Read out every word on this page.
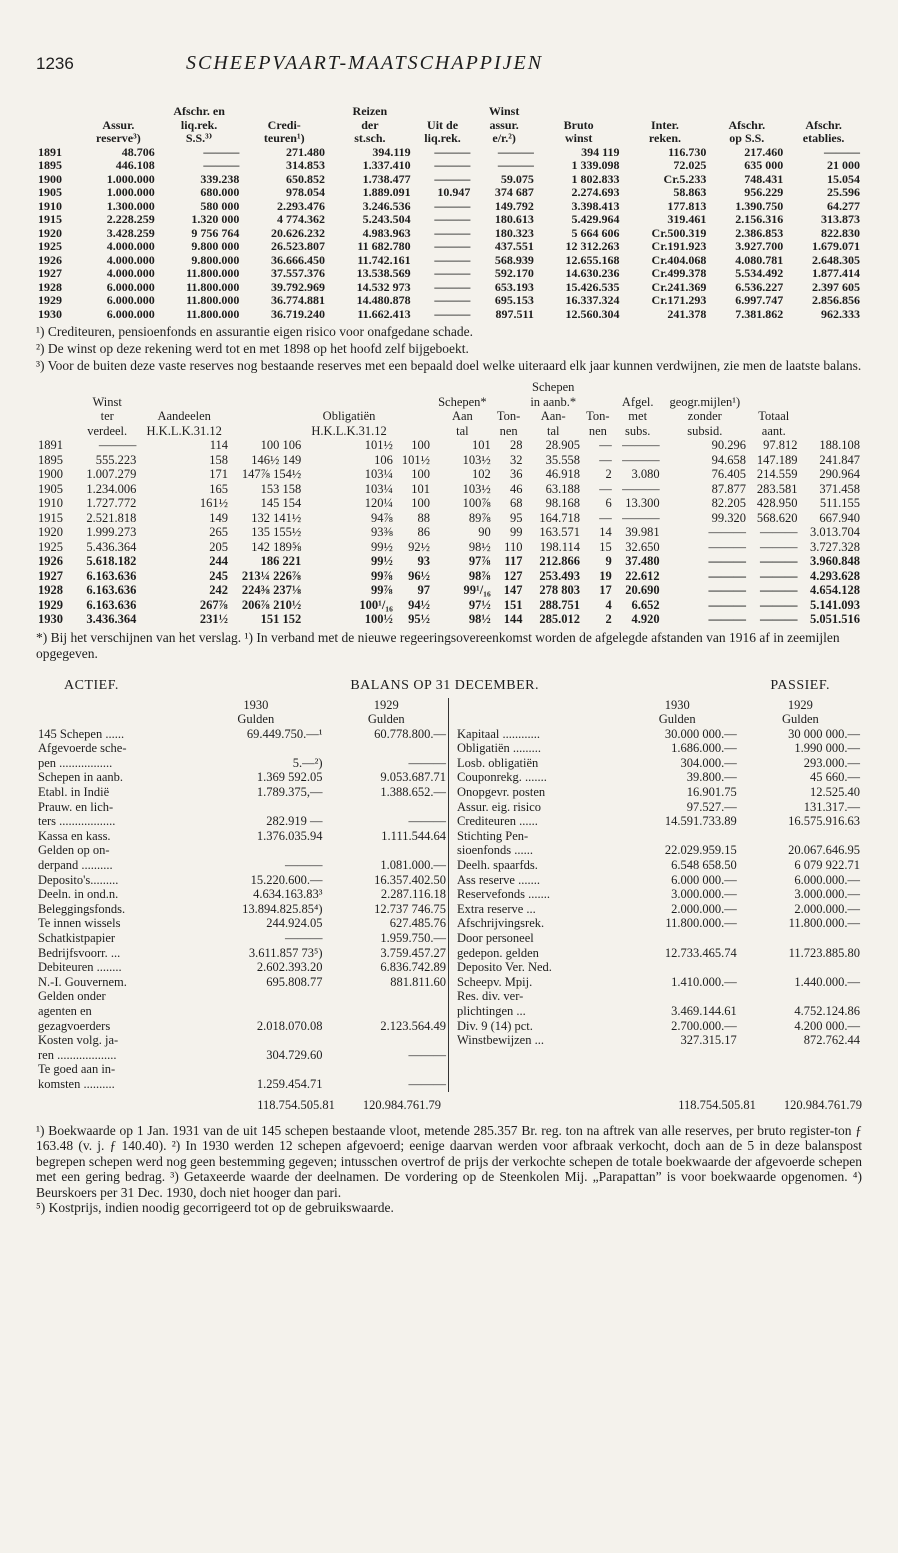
1236	SCHEEPVAART-MAATSCHAPPIJEN
		Afschr. en		Reizen		Winst				
	Assur.	liq.rek.	Credi-	der	Uit de	assur.	Bruto	Inter.	Afschr.	Afschr.
	reserve³)	S.S.³⁾	teuren¹)	st.sch.	liq.rek.	e/r.²)	winst	reken.	op S.S.	etablies.
1891	48.706	———	271.480	394.119	———	———	394 119	116.730	217.460	———
1895	446.108	———	314.853	1.337.410	———	———	1 339.098	72.025	635 000	21 000
1900	1.000.000	339.238	650.852	1.738.477	———	59.075	1 802.833	Cr.5.233	748.431	15.054
1905	1.000.000	680.000	978.054	1.889.091	10.947	374 687	2.274.693	58.863	956.229	25.596
1910	1.300.000	580 000	2.293.476	3.246.536	———	149.792	3.398.413	177.813	1.390.750	64.277
1915	2.228.259	1.320 000	4 774.362	5.243.504	———	180.613	5.429.964	319.461	2.156.316	313.873
1920	3.428.259	9 756 764	20.626.232	4.983.963	———	180.323	5 664 606	Cr.500.319	2.386.853	822.830
1925	4.000.000	9.800 000	26.523.807	11 682.780	———	437.551	12 312.263	Cr.191.923	3.927.700	1.679.071
1926	4.000.000	9.800.000	36.666.450	11.742.161	———	568.939	12.655.168	Cr.404.068	4.080.781	2.648.305
1927	4.000.000	11.800.000	37.557.376	13.538.569	———	592.170	14.630.236	Cr.499.378	5.534.492	1.877.414
1928	6.000.000	11.800.000	39.792.969	14.532 973	———	653.193	15.426.535	Cr.241.369	6.536.227	2.397 605
1929	6.000.000	11.800.000	36.774.881	14.480.878	———	695.153	16.337.324	Cr.171.293	6.997.747	2.856.856
1930	6.000.000	11.800.000	36.719.240	11.662.413	———	897.511	12.560.304	241.378	7.381.862	962.333

¹) Crediteuren, pensioenfonds en assurantie eigen risico voor onafgedane schade.

²) De winst op deze rekening werd tot en met 1898 op het hoofd zelf bijgeboekt.

³) Voor de buiten deze vaste reserves nog bestaande reserves met een bepaald doel welke uiteraard elk jaar kunnen verdwijnen, zie men de laatste balans.

								Schepen					
	Winst					Schepen*		in aanb.*		Afgel.	geogr.mijlen¹)		
	ter	Aandeelen		Obligatiën		Aan	Ton-	Aan-	Ton-	met	zonder	Totaal	
	verdeel.	H.K.L.K.31.12		H.K.L.K.31.12		tal	nen	tal	nen	subs.	subsid.	aant.	
1891	———	114	100 106	101½	100	101	28	28.905	—	———	90.296	97.812	188.108
1895	555.223	158	146½ 149	106	101½	103½	32	35.558	—	———	94.658	147.189	241.847
1900	1.007.279	171	147⅞ 154½	103¼	100	102	36	46.918	2	3.080	76.405	214.559	290.964
1905	1.234.006	165	153 158	103¼	101	103½	46	63.188	—	———	87.877	283.581	371.458
1910	1.727.772	161½	145 154	120¼	100	100⅞	68	98.168	6	13.300	82.205	428.950	511.155
1915	2.521.818	149	132 141½	94⅞	88	89⅞	95	164.718	—	———	99.320	568.620	667.940
1920	1.999.273	265	135 155½	93⅜	86	90	99	163.571	14	39.981	———	———	3.013.704
1925	5.436.364	205	142 189⅝	99½	92½	98½	110	198.114	15	32.650	———	———	3.727.328
1926	5.618.182	244	186 221	99½	93	97⅞	117	212.866	9	37.480	———	———	3.960.848
1927	6.163.636	245	213¼ 226⅞	99⅞	96½	98⅞	127	253.493	19	22.612	———	———	4.293.628
1928	6.163.636	242	224⅜ 237⅛	99⅞	97	99¹/₁₆	147	278 803	17	20.690	———	———	4.654.128
1929	6.163.636	267⅞	206⅞ 210½	100¹/₁₆	94½	97½	151	288.751	4	6.652	———	———	5.141.093
1930	3.436.364	231½	151 152	100½	95½	98½	144	285.012	2	4.920	———	———	5.051.516

*) Bij het verschijnen van het verslag. ¹) In verband met de nieuwe regeeringsovereenkomst worden de afgelegde afstanden van 1916 af in zeemijlen opgegeven.

ACTIEF.	BALANS OP 31 DECEMBER.	PASSIEF.
	1930	1929
	Gulden	Gulden
145 Schepen ......	69.449.750.—¹	60.778.800.—
Afgevoerde sche-		
pen .................	5.—²)	———
Schepen in aanb.	1.369 592.05	9.053.687.71
Etabl. in Indië	1.789.375,—	1.388.652.—
Prauw. en lich-		
ters ..................	282.919 —	———
Kassa en kass.	1.376.035.94	1.111.544.64
Gelden op on-		
derpand ..........	———	1.081.000.—
Deposito's.........	15.220.600.—	16.357.402.50
Deeln. in ond.n.	4.634.163.83³	2.287.116.18
Beleggingsfonds.	13.894.825.85⁴)	12.737 746.75
Te innen wissels	244.924.05	627.485.76
Schatkistpapier	———	1.959.750.—
Bedrijfsvoorr. ...	3.611.857 73⁵)	3.759.457.27
Debiteuren ........	2.602.393.20	6.836.742.89
N.-I. Gouvernem.	695.808.77	881.811.60
Gelden onder		
agenten en		
gezagvoerders	2.018.070.08	2.123.564.49
Kosten volg. ja-		
ren ...................	304.729.60	———
Te goed aan in-		
komsten ..........	1.259.454.71	———
	1930	1929
	Gulden	Gulden
Kapitaal ............	30.000 000.—	30 000 000.—
Obligatiën .........	1.686.000.—	1.990 000.—
Losb. obligatiën	304.000.—	293.000.—
Couponrekg. .......	39.800.—	45 660.—
Onopgevr. posten	16.901.75	12.525.40
Assur. eig. risico	97.527.—	131.317.—
Crediteuren ......	14.591.733.89	16.575.916.63
Stichting Pen-		
sioenfonds ......	22.029.959.15	20.067.646.95
Deelh. spaarfds.	6.548 658.50	6 079 922.71
Ass reserve .......	6.000 000.—	6.000.000.—
Reservefonds .......	3.000.000.—	3.000.000.—
Extra reserve ...	2.000.000.—	2.000.000.—
Afschrijvingsrek.	11.800.000.—	11.800.000.—
Door personeel		
gedepon. gelden	12.733.465.74	11.723.885.80
Deposito Ver. Ned.		
Scheepv. Mpij.	1.410.000.—	1.440.000.—
Res. div. ver-		
plichtingen ...	3.469.144.61	4.752.124.86
Div. 9 (14) pct.	2.700.000.—	4.200 000.—
Winstbewijzen ...	327.315.17	872.762.44
118.754.505.81 120.984.761.79	118.754.505.81 120.984.761.79

¹) Boekwaarde op 1 Jan. 1931 van de uit 145 schepen bestaande vloot, metende 285.357 Br. reg. ton na aftrek van alle reserves, per bruto register-ton ƒ 163.48 (v. j. ƒ 140.40). ²) In 1930 werden 12 schepen afgevoerd; eenige daarvan werden voor afbraak verkocht, doch aan de 5 in deze balanspost begrepen schepen werd nog geen bestemming gegeven; intusschen overtrof de prijs der verkochte schepen de totale boekwaarde der afgevoerde schepen met een gering bedrag. ³) Getaxeerde waarde der deelnamen. De vordering op de Steenkolen Mij. „Parapattan” is voor boekwaarde opgenomen. ⁴) Beurskoers per 31 Dec. 1930, doch niet hooger dan pari.

⁵) Kostprijs, indien noodig gecorrigeerd tot op de gebruikswaarde.
